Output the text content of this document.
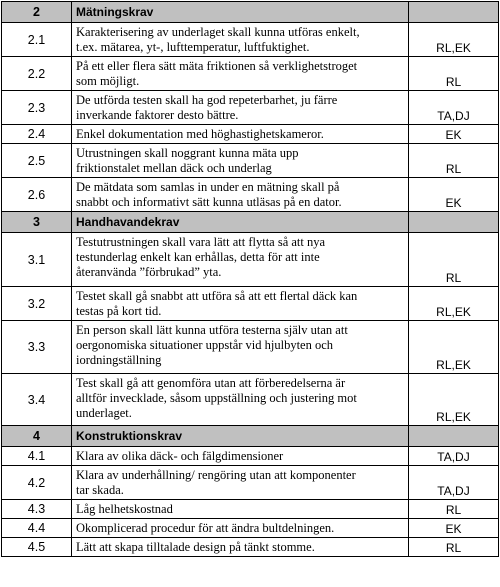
2	Mätningskrav	
2.1	Karakterisering av underlaget skall kunna utföras enkelt,
t.ex. mätarea, yt-, lufttemperatur, luftfuktighet.	RL,EK
2.2	På ett eller flera sätt mäta friktionen så verklighetstroget
som möjligt.	RL
2.3	De utförda testen skall ha god repeterbarhet, ju färre
inverkande faktorer desto bättre.	TA,DJ
2.4	Enkel dokumentation med höghastighetskameror.	EK
2.5	Utrustningen skall noggrant kunna mäta upp
friktionstalet mellan däck och underlag	RL
2.6	De mätdata som samlas in under en mätning skall på
snabbt och informativt sätt kunna utläsas på en dator.	EK
3	Handhavandekrav	
3.1	Testutrustningen skall vara lätt att flytta så att nya
testunderlag enkelt kan erhållas, detta för att inte
återanvända ”förbrukad” yta.	RL
3.2	Testet skall gå snabbt att utföra så att ett flertal däck kan
testas på kort tid.	RL,EK
3.3	En person skall lätt kunna utföra testerna själv utan att
oergonomiska situationer uppstår vid hjulbyten och
iordningställning	RL,EK
3.4	Test skall gå att genomföra utan att förberedelserna är
alltför invecklade, såsom uppställning och justering mot
underlaget.	RL,EK
4	Konstruktionskrav	
4.1	Klara av olika däck- och fälgdimensioner	TA,DJ
4.2	Klara av underhållning/ rengöring utan att komponenter
tar skada.	TA,DJ
4.3	Låg helhetskostnad	RL
4.4	Okomplicerad procedur för att ändra bultdelningen.	EK
4.5	Lätt att skapa tilltalade design på tänkt stomme.	RL
